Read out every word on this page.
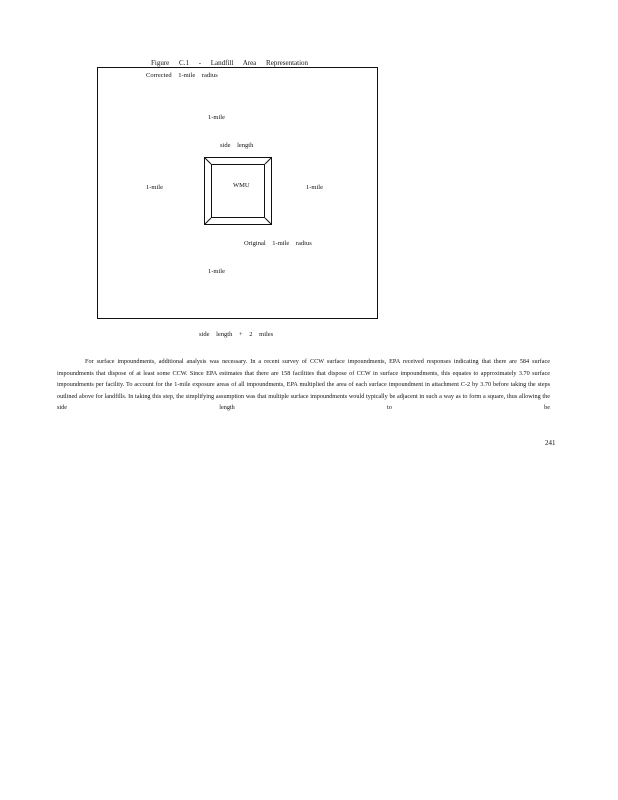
Figure C.1 - Landfill Area Representation
Corrected 1-mile radius
1-mile
side length
1-mile	1-mile
WMU
Original 1-mile radius
1-mile
side length + 2 miles

For surface impoundments, additional analysis was necessary. In a recent survey of CCW surface impoundments, EPA received responses indicating that there are 584 surface impoundments that dispose of at least some CCW. Since EPA estimates that there are 158 facilities that dispose of CCW in surface impoundments, this equates to approximately 3.70 surface impoundments per facility. To account for the 1-mile exposure areas of all impoundments, EPA multiplied the area of each surface impoundment in attachment C-2 by 3.70 before taking the steps outlined above for landfills. In taking this step, the simplifying assumption was that multiple surface impoundments would typically be adjacent in such a way as to form a square, thus allowing the side length to be

241
